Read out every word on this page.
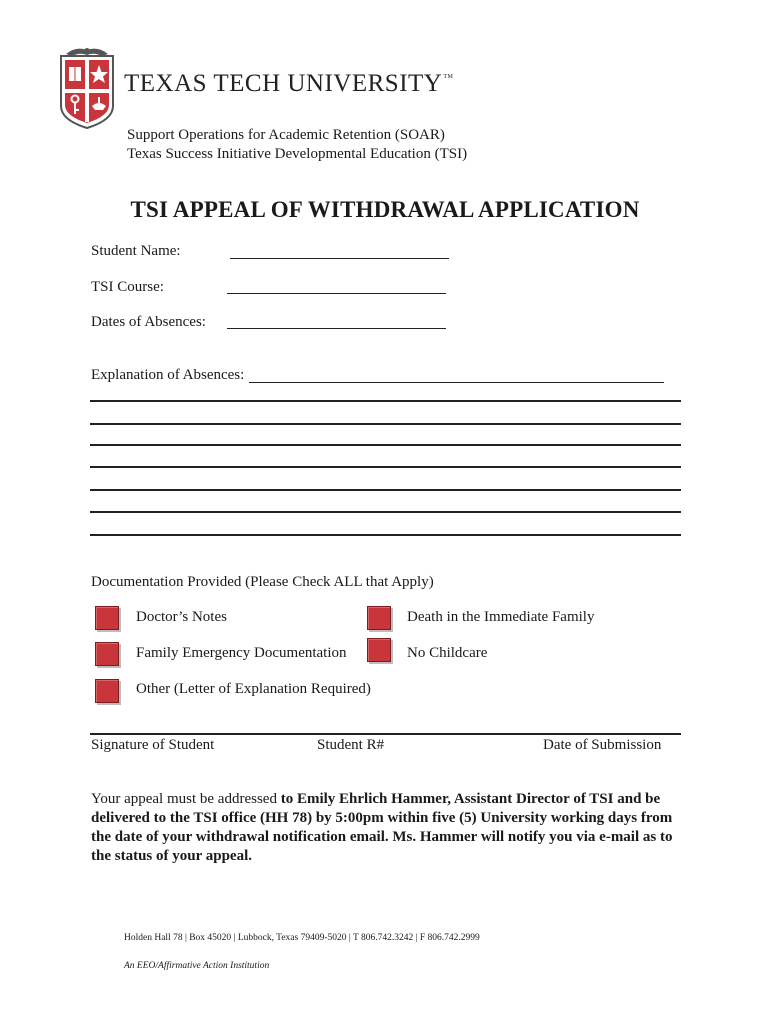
TEXAS TECH UNIVERSITY™
Support Operations for Academic Retention (SOAR)
Texas Success Initiative Developmental Education (TSI)
TSI APPEAL OF WITHDRAWAL APPLICATION
Student Name:
TSI Course:
Dates of Absences:
Explanation of Absences:
Documentation Provided (Please Check ALL that Apply)
Doctor’s Notes	Death in the Immediate Family
Family Emergency Documentation	No Childcare
Other (Letter of Explanation Required)
Signature of Student	Student R#	Date of Submission
Your appeal must be addressed to Emily Ehrlich Hammer, Assistant Director of TSI and be delivered to the TSI office (HH 78) by 5:00pm within five (5) University working days from the date of your withdrawal notification email. Ms. Hammer will notify you via e-mail as to the status of your appeal.
Holden Hall 78 | Box 45020 | Lubbock, Texas 79409-5020 | T 806.742.3242 | F 806.742.2999
An EEO/Affirmative Action Institution
